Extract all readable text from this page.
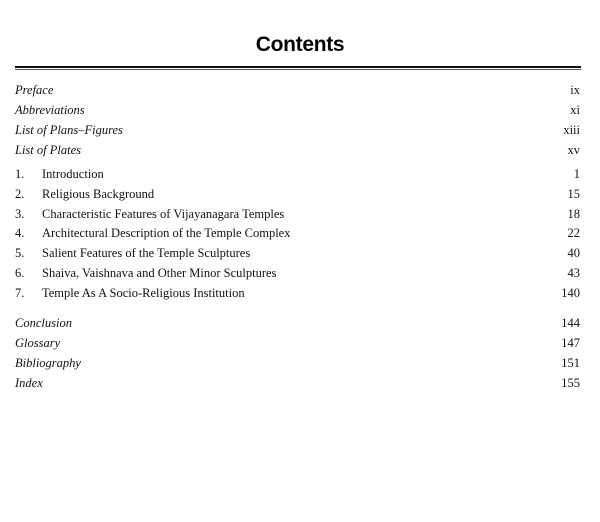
Contents
Preface	ix
Abbreviations	xi
List of Plans–Figures	xiii
List of Plates	xv
1.	Introduction	1
2.	Religious Background	15
3.	Characteristic Features of Vijayanagara Temples	18
4.	Architectural Description of the Temple Complex	22
5.	Salient Features of the Temple Sculptures	40
6.	Shaiva, Vaishnava and Other Minor Sculptures	43
7.	Temple As A Socio-Religious Institution	140
Conclusion	144
Glossary	147
Bibliography	151
Index	155
